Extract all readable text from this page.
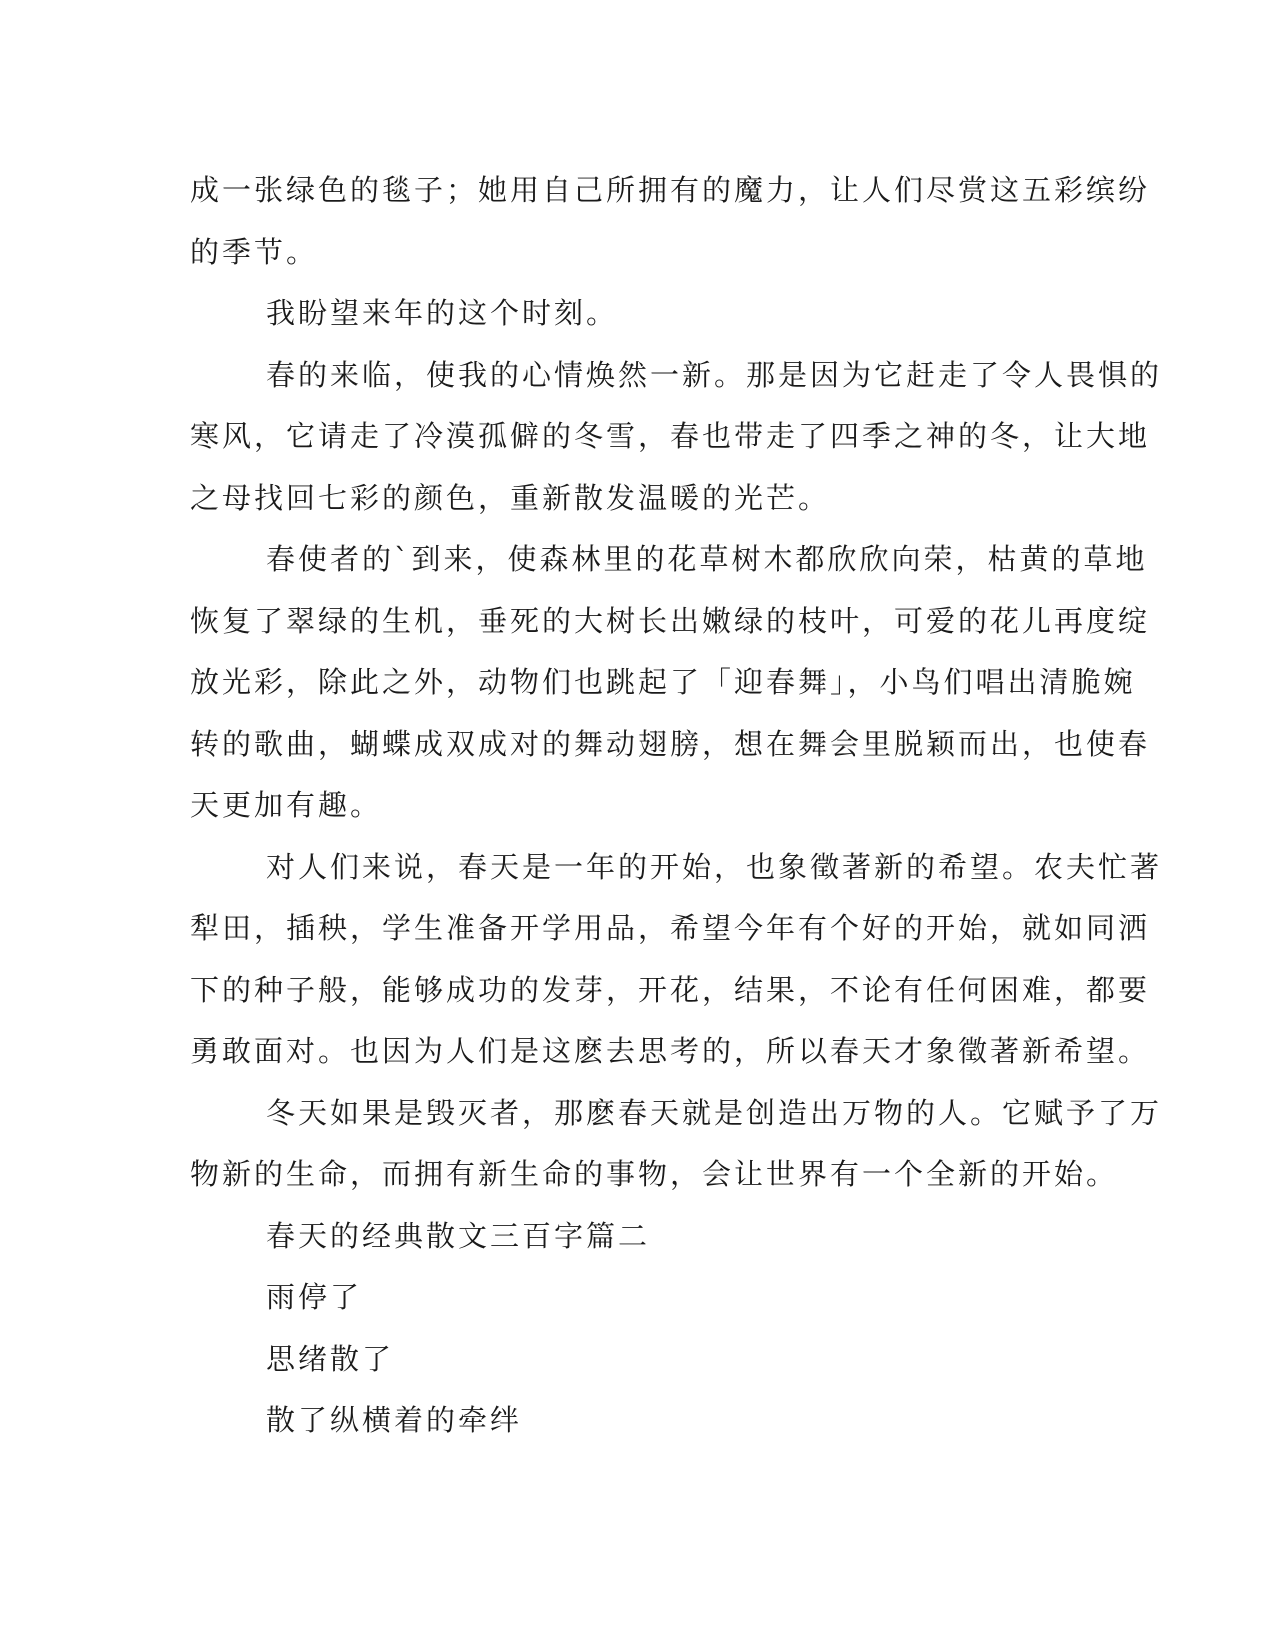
成一张绿色的毯子；她用自己所拥有的魔力，让人们尽赏这五彩缤纷
的季节。

我盼望来年的这个时刻。

春的来临，使我的心情焕然一新。那是因为它赶走了令人畏惧的
寒风，它请走了冷漠孤僻的冬雪，春也带走了四季之神的冬，让大地
之母找回七彩的颜色，重新散发温暖的光芒。

春使者的`到来，使森林里的花草树木都欣欣向荣，枯黄的草地
恢复了翠绿的生机，垂死的大树长出嫩绿的枝叶，可爱的花儿再度绽
放光彩，除此之外，动物们也跳起了「迎春舞」，小鸟们唱出清脆婉
转的歌曲，蝴蝶成双成对的舞动翅膀，想在舞会里脱颖而出，也使春
天更加有趣。

对人们来说，春天是一年的开始，也象徵著新的希望。农夫忙著
犁田，插秧，学生准备开学用品，希望今年有个好的开始，就如同洒
下的种子般，能够成功的发芽，开花，结果，不论有任何困难，都要
勇敢面对。也因为人们是这麽去思考的，所以春天才象徵著新希望。

冬天如果是毁灭者，那麽春天就是创造出万物的人。它赋予了万
物新的生命，而拥有新生命的事物，会让世界有一个全新的开始。

春天的经典散文三百字篇二

雨停了

思绪散了

散了纵横着的牵绊
